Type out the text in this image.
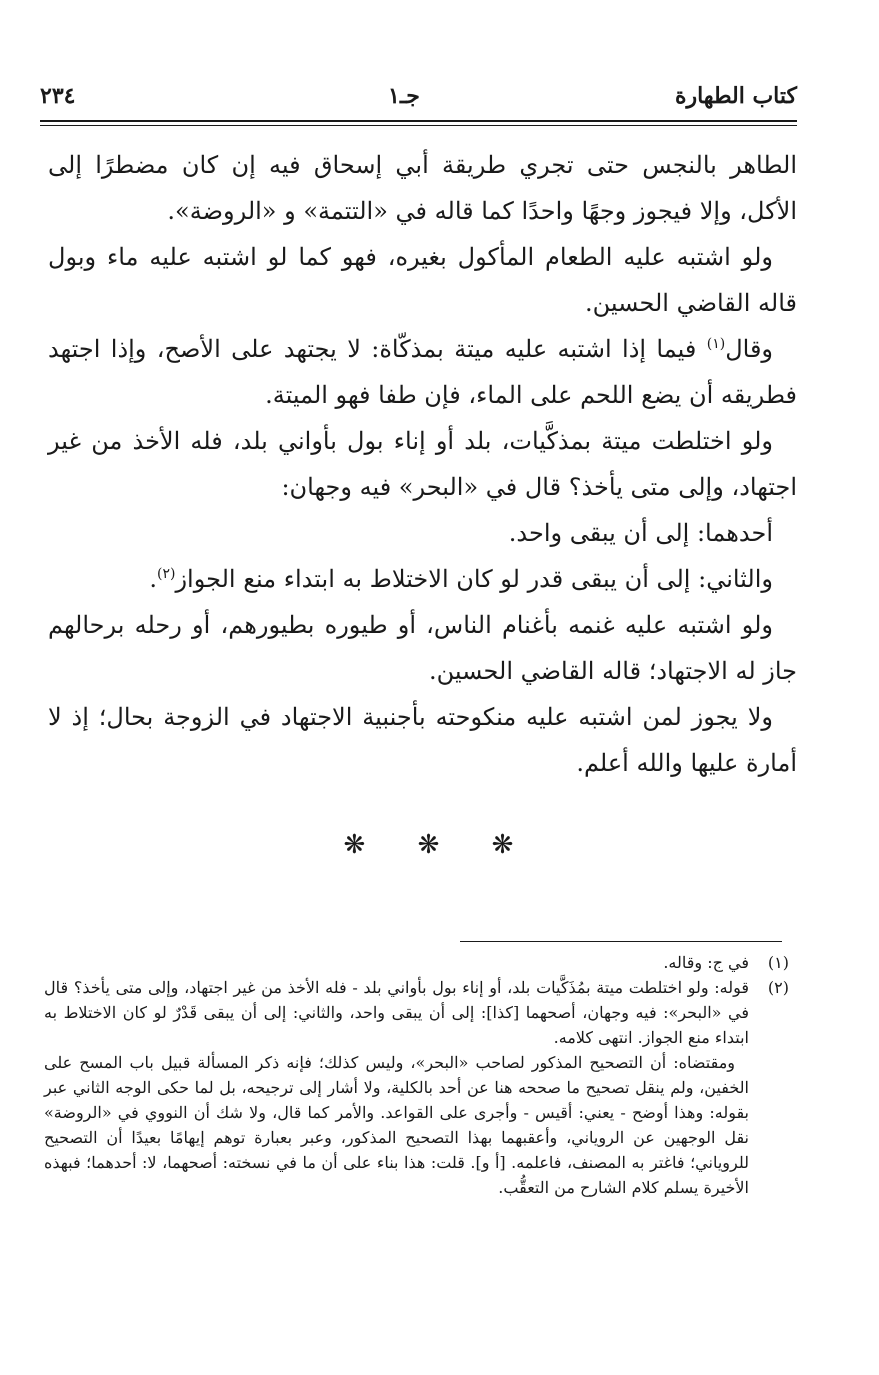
كتاب الطهارة
جـ١
٢٣٤

الطاهر بالنجس حتى تجري طريقة أبي إسحاق فيه إن كان مضطرًا إلى الأكل، وإلا فيجوز وجهًا واحدًا كما قاله في «التتمة» و «الروضة».

ولو اشتبه عليه الطعام المأكول بغيره، فهو كما لو اشتبه عليه ماء وبول قاله القاضي الحسين.

وقال$^{(١)}$ فيما إذا اشتبه عليه ميتة بمذكّاة: لا يجتهد على الأصح، وإذا اجتهد فطريقه أن يضع اللحم على الماء، فإن طفا فهو الميتة.

ولو اختلطت ميتة بمذكَّيات، بلد أو إناء بول بأواني بلد، فله الأخذ من غير اجتهاد، وإلى متى يأخذ؟ قال في «البحر» فيه وجهان:

أحدهما: إلى أن يبقى واحد.

والثاني: إلى أن يبقى قدر لو كان الاختلاط به ابتداء منع الجواز$^{(٢)}$.

ولو اشتبه عليه غنمه بأغنام الناس، أو طيوره بطيورهم، أو رحله برحالهم جاز له الاجتهاد؛ قاله القاضي الحسين.

ولا يجوز لمن اشتبه عليه منكوحته بأجنبية الاجتهاد في الزوجة بحال؛ إذ لا أمارة عليها والله أعلم.

❋ ❋ ❋
(١)

في ج: وقاله.

(٢)

قوله: ولو اختلطت ميتة بمُذَكَّيات بلد، أو إناء بول بأواني بلد - فله الأخذ من غير اجتهاد، وإلى متى يأخذ؟ قال في «البحر»: فيه وجهان، أصحهما [كذا]: إلى أن يبقى واحد، والثاني: إلى أن يبقى قَدْرٌ لو كان الاختلاط به ابتداء منع الجواز. انتهى كلامه.

ومقتضاه: أن التصحيح المذكور لصاحب «البحر»، وليس كذلك؛ فإنه ذكر المسألة قبيل باب المسح على الخفين، ولم ينقل تصحيح ما صححه هنا عن أحد بالكلية، ولا أشار إلى ترجيحه، بل لما حكى الوجه الثاني عبر بقوله: وهذا أوضح - يعني: أقيس - وأجرى على القواعد. والأمر كما قال، ولا شك أن النووي في «الروضة» نقل الوجهين عن الروياني، وأعقبهما بهذا التصحيح المذكور، وعبر بعبارة توهم إيهامًا بعيدًا أن التصحيح للروياني؛ فاغتر به المصنف، فاعلمه. [أ و]. قلت: هذا بناء على أن ما في نسخته: أصحهما، لا: أحدهما؛ فبهذه الأخيرة يسلم كلام الشارح من التعقُّب.
